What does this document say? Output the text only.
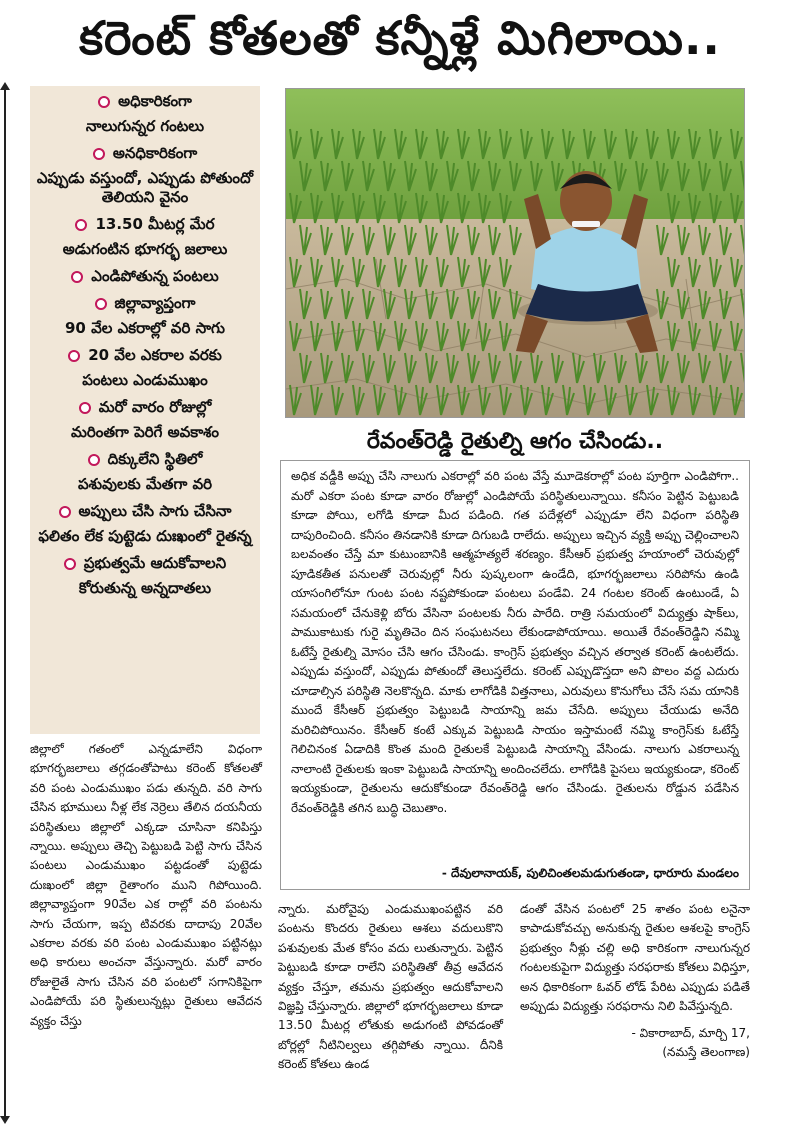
కరెంట్ కోతలతో కన్నీళ్లే మిగిలాయి..
అధికారికంగా
నాలుగున్నర గంటలు
అనధికారికంగా
ఎప్పుడు వస్తుందో, ఎప్పుడు పోతుందో తెలియని వైనం
13.50 మీటర్ల మేర
అడుగంటిన భూగర్భ జలాలు
ఎండిపోతున్న పంటలు
జిల్లావ్యాప్తంగా
90 వేల ఎకరాల్లో వరి సాగు
20 వేల ఎకరాల వరకు
పంటలు ఎండుముఖం
మరో వారం రోజుల్లో
మరింతగా పెరిగే అవకాశం
దిక్కులేని స్థితిలో
పశువులకు మేతగా వరి
అప్పులు చేసి సాగు చేసినా
ఫలితం లేక పుట్టెడు దుఃఖంలో రైతన్న
ప్రభుత్వమే ఆదుకోవాలని
కోరుతున్న అన్నదాతలు
రేవంత్‌రెడ్డి రైతుల్ని ఆగం చేసిండు..

అధిక వడ్డీకి అప్పు చేసి నాలుగు ఎకరాల్లో వరి పంట వేస్తే మూడెకరాల్లో పంట పూర్తిగా ఎండిపోగా.. మరో ఎకరా పంట కూడా వారం రోజుల్లో ఎండిపోయే పరిస్థితులున్నాయి. కనీసం పెట్టిన పెట్టుబడి కూడా పోయి, లగోడి కూడా మీద పడింది. గత పదేళ్లలో ఎప్పుడూ లేని విధంగా పరిస్థితి దాపురించింది. కనీసం తినడానికి కూడా దిగుబడి రాలేదు. అప్పులు ఇచ్చిన వ్యక్తి అప్పు చెల్లించాలని బలవంతం చేస్తే మా కుటుంబానికి ఆత్మహత్యలే శరణ్యం. కేసీఆర్ ప్రభుత్వ హయాంలో చెరువుల్లో పూడికతీత పనులతో చెరువుల్లో నీరు పుష్కలంగా ఉండేది, భూగర్భజలాలు సరిపోను ఉండి యాసంగిలోనూ గుంట పంట నష్టపోకుండా పంటలు పండేవి. 24 గంటల కరెంట్ ఉంటుండే, ఏ సమయంలో చేనుకెళ్లి బోరు వేసినా పంటలకు నీరు పారేది. రాత్రి సమయంలో విద్యుత్తు షాక్‌లు, పాముకాటుకు గురై మృతిచెం దిన సంఘటనలు లేకుండాపోయాయి. అయితే రేవంత్‌రెడ్డిని నమ్మి ఓటేస్తే రైతుల్ని మోసం చేసి ఆగం చేసిండు. కాంగ్రెస్ ప్రభుత్వం వచ్చిన తర్వాత కరెంట్ ఉంటలేదు. ఎప్పుడు వస్తుందో, ఎప్పుడు పోతుందో తెలుస్తలేదు. కరెంట్ ఎప్పుడొస్తదా అని పొలం వద్ద ఎదురు చూడాల్సిన పరిస్థితి నెలకొన్నది. మాకు లాగోడికి విత్తనాలు, ఎరువులు కొనుగోలు చేసే సమ యానికి ముందే కేసీఆర్ ప్రభుత్వం పెట్టుబడి సాయాన్ని జమ చేసేది. అప్పులు చేయుడు అనేది మరిచిపోయినం. కేసీఆర్ కంటే ఎక్కువ పెట్టుబడి సాయం ఇస్తామంటే నమ్మి కాంగ్రెస్‌కు ఓటేస్తే గెలిచినంక ఏడాదికి కొంత మంది రైతులకే పెట్టుబడి సాయాన్ని వేసిండు. నాలుగు ఎకరాలున్న నాలాంటి రైతులకు ఇంకా పెట్టుబడి సాయాన్ని అందించలేదు. లాగోడికి పైసలు ఇయ్యకుండా, కరెంట్ ఇయ్యకుండా, రైతులను ఆదుకోకుండా రేవంత్‌రెడ్డి ఆగం చేసిండు. రైతులను రోడ్డున పడేసిన రేవంత్‌రెడ్డికి తగిన బుద్ధి చెబుతాం.

- దేవులానాయక్, పులిచింతలమడుగుతండా, ధారూరు మండలం

జిల్లాలో గతంలో ఎన్నడూలేని విధంగా భూగర్భజలాలు తగ్గడంతోపాటు కరెంట్ కోతలతో వరి పంట ఎండుముఖం పడు తున్నది. వరి సాగు చేసిన భూములు నీళ్ల లేక నెర్రెలు తేలిన దయనీయ పరిస్థితులు జిల్లాలో ఎక్కడా చూసినా కనిపిస్తు న్నాయి. అప్పులు తెచ్చి పెట్టుబడి పెట్టి సాగు చేసిన పంటలు ఎండుముఖం పట్టడంతో పుట్టెడు దుఃఖంలో జిల్లా రైతాంగం ముని గిపోయింది. జిల్లావ్యాప్తంగా 90వేల ఎక రాల్లో వరి పంటను సాగు చేయగా, ఇప్ప టివరకు దాదాపు 20వేల ఎకరాల వరకు వరి పంట ఎండుముఖం పట్టినట్లు అధి కారులు అంచనా వేస్తున్నారు. మరో వారం రోజులైతే సాగు చేసిన వరి పంటలో సగానికిపైగా ఎండిపోయే పరి స్థితులున్నట్లు రైతులు ఆవేదన వ్యక్తం చేస్తు

న్నారు. మరోవైపు ఎండుముఖంపట్టిన వరి పంటను కొందరు రైతులు ఆశలు వదులుకొని పశువులకు మేత కోసం వదు లుతున్నారు. పెట్టిన పెట్టుబడి కూడా రాలేని పరిస్థితితో తీవ్ర ఆవేదన వ్యక్తం చేస్తూ, తమను ప్రభుత్వం ఆదుకోవాలని విజ్ఞప్తి చేస్తున్నారు. జిల్లాలో భూగర్భజలాలు కూడా 13.50 మీటర్ల లోతుకు అడుగంటి పోవడంతో బోర్లల్లో నీటినిల్వలు తగ్గిపోతు న్నాయి. దీనికి కరెంట్ కోతలు ఉండ

డంతో వేసిన పంటలో 25 శాతం పంట లనైనా కాపాడుకోవచ్చు అనుకున్న రైతుల ఆశలపై కాంగ్రెస్ ప్రభుత్వం నీళ్లు చల్లి అధి కారికంగా నాలుగున్నర గంటలకుపైగా విద్యుత్తు సరఫరాకు కోతలు విధిస్తూ, అన ధికారికంగా ఓవర్ లోడ్ పేరిట ఎప్పుడు పడితే అప్పుడు విద్యుత్తు సరఫరాను నిలి పివేస్తున్నది.

- వికారాబాద్, మార్చి 17,
(నమస్తే తెలంగాణ)
